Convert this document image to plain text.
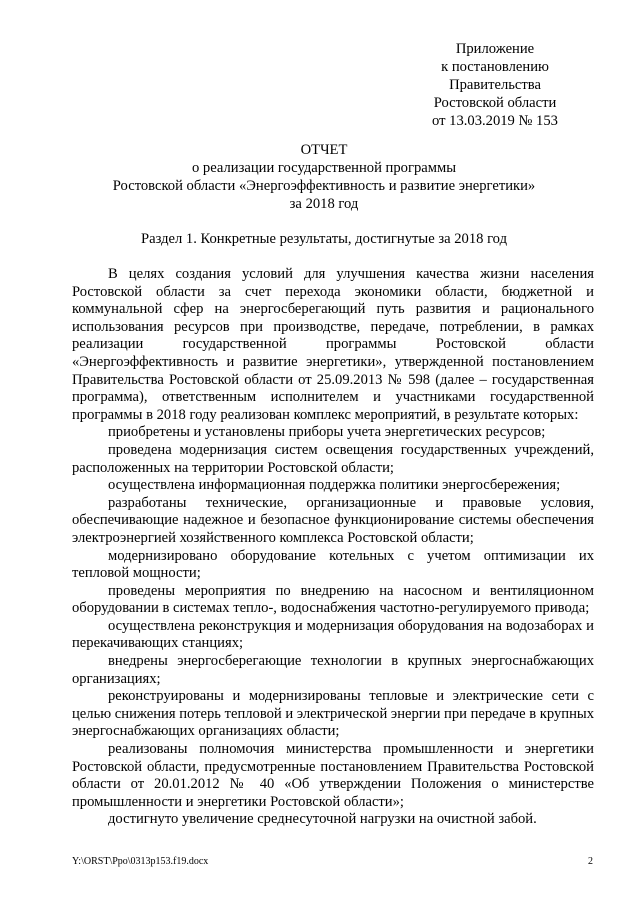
Приложение
к постановлению
Правительства
Ростовской области
от 13.03.2019 № 153
ОТЧЕТ
о реализации государственной программы
Ростовской области «Энергоэффективность и развитие энергетики»
за 2018 год
Раздел 1. Конкретные результаты, достигнутые за 2018 год

В целях создания условий для улучшения качества жизни населения Ростовской области за счет перехода экономики области, бюджетной и коммунальной сфер на энергосберегающий путь развития и рационального использования ресурсов при производстве, передаче, потреблении, в рамках реализации государственной программы Ростовской области «Энергоэффективность и развитие энергетики», утвержденной постановлением Правительства Ростовской области от 25.09.2013 № 598 (далее – государственная программа), ответственным исполнителем и участниками государственной программы в 2018 году реализован комплекс мероприятий, в результате которых:

приобретены и установлены приборы учета энергетических ресурсов;

проведена модернизация систем освещения государственных учреждений, расположенных на территории Ростовской области;

осуществлена информационная поддержка политики энергосбережения;

разработаны технические, организационные и правовые условия, обеспечивающие надежное и безопасное функционирование системы обеспечения электроэнергией хозяйственного комплекса Ростовской области;

модернизировано оборудование котельных с учетом оптимизации их тепловой мощности;

проведены мероприятия по внедрению на насосном и вентиляционном оборудовании в системах тепло-, водоснабжения частотно-регулируемого привода;

осуществлена реконструкция и модернизация оборудования на водозаборах и перекачивающих станциях;

внедрены энергосберегающие технологии в крупных энергоснабжающих организациях;

реконструированы и модернизированы тепловые и электрические сети с целью снижения потерь тепловой и электрической энергии при передаче в крупных энергоснабжающих организациях области;

реализованы полномочия министерства промышленности и энергетики Ростовской области, предусмотренные постановлением Правительства Ростовской области от 20.01.2012 № 40 «Об утверждении Положения о министерстве промышленности и энергетики Ростовской области»;

достигнуто увеличение среднесуточной нагрузки на очистной забой.

Y:\ORST\Ppo\0313p153.f19.docx	2
